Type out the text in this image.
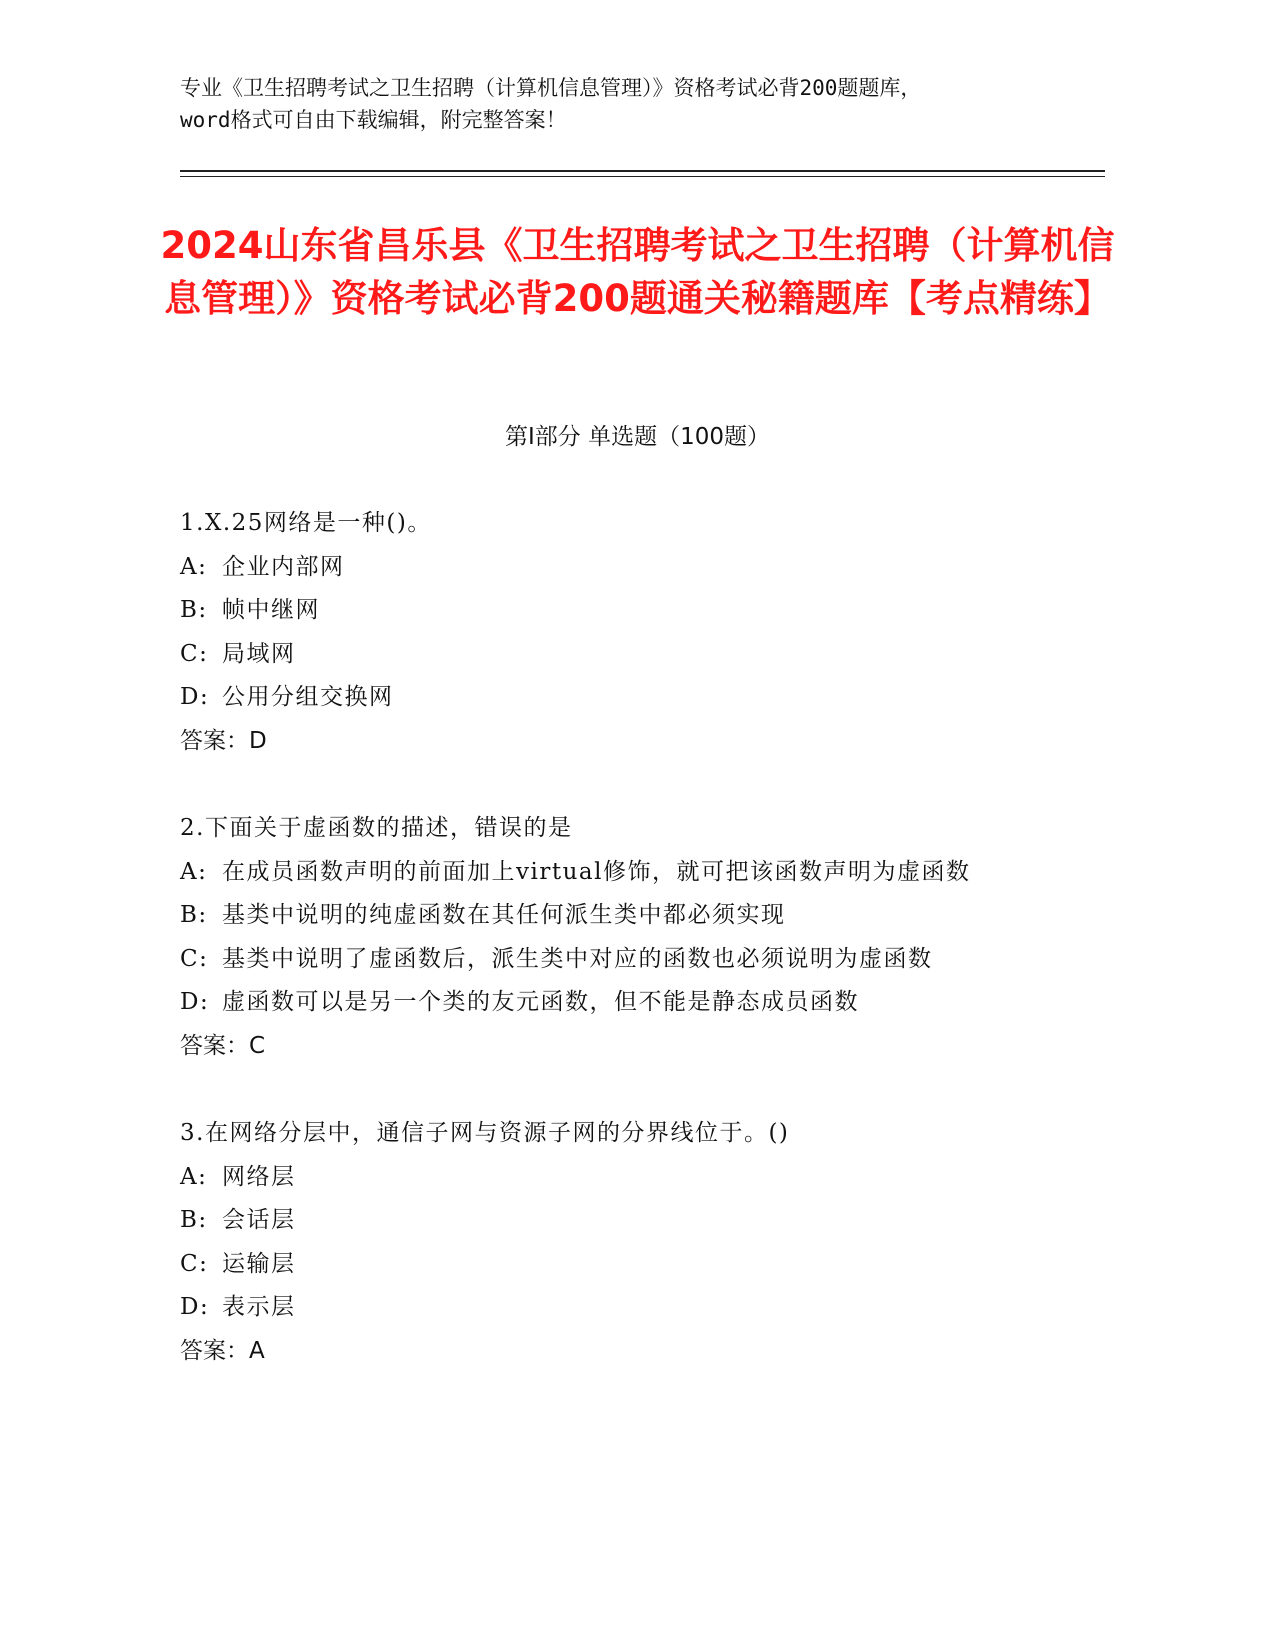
专业《卫生招聘考试之卫生招聘（计算机信息管理）》资格考试必背200题题库，
word格式可自由下载编辑，附完整答案！
2024山东省昌乐县《卫生招聘考试之卫生招聘（计算机信息管理）》资格考试必背200题通关秘籍题库【考点精练】
第I部分 单选题（100题）
1.X.25网络是一种()。
A: 企业内部网
B: 帧中继网
C: 局域网
D: 公用分组交换网
答案：D
2.下面关于虚函数的描述，错误的是
A: 在成员函数声明的前面加上virtual修饰，就可把该函数声明为虚函数
B: 基类中说明的纯虚函数在其任何派生类中都必须实现
C: 基类中说明了虚函数后，派生类中对应的函数也必须说明为虚函数
D: 虚函数可以是另一个类的友元函数，但不能是静态成员函数
答案：C
3.在网络分层中，通信子网与资源子网的分界线位于。()
A: 网络层
B: 会话层
C: 运输层
D: 表示层
答案：A
